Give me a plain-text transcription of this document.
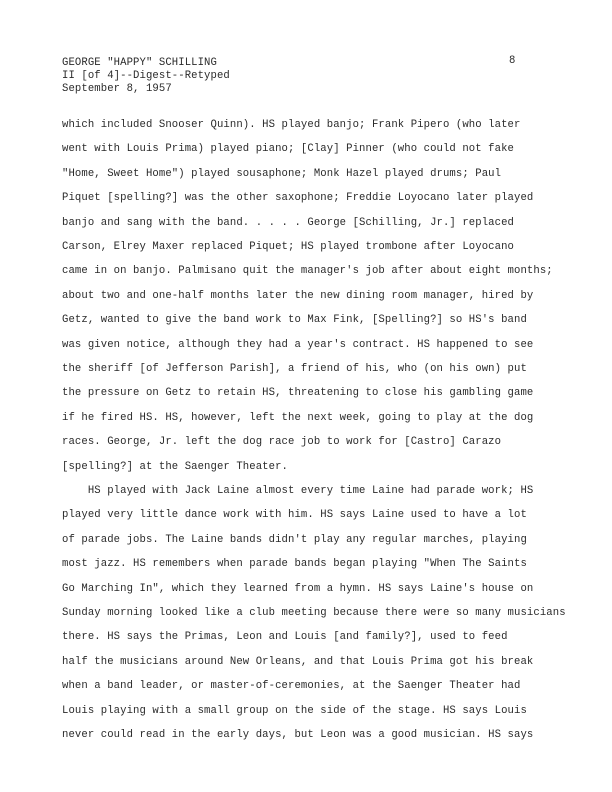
GEORGE "HAPPY" SCHILLING
II [of 4]--Digest--Retyped
September 8, 1957
8
which included Snooser Quinn). HS played banjo; Frank Pipero (who later
went with Louis Prima) played piano; [Clay] Pinner (who could not fake
"Home, Sweet Home") played sousaphone; Monk Hazel played drums; Paul
Piquet [spelling?] was the other saxophone; Freddie Loyocano later played
banjo and sang with the band. . . . . George [Schilling, Jr.] replaced
Carson, Elrey Maxer replaced Piquet; HS played trombone after Loyocano
came in on banjo. Palmisano quit the manager's job after about eight months;
about two and one-half months later the new dining room manager, hired by
Getz, wanted to give the band work to Max Fink, [Spelling?] so HS's band
was given notice, although they had a year's contract. HS happened to see
the sheriff [of Jefferson Parish], a friend of his, who (on his own) put
the pressure on Getz to retain HS, threatening to close his gambling game
if he fired HS. HS, however, left the next week, going to play at the dog
races. George, Jr. left the dog race job to work for [Castro] Carazo
[spelling?] at the Saenger Theater.
HS played with Jack Laine almost every time Laine had parade work; HS
played very little dance work with him. HS says Laine used to have a lot
of parade jobs. The Laine bands didn't play any regular marches, playing
most jazz. HS remembers when parade bands began playing "When The Saints
Go Marching In", which they learned from a hymn. HS says Laine's house on
Sunday morning looked like a club meeting because there were so many musicians
there. HS says the Primas, Leon and Louis [and family?], used to feed
half the musicians around New Orleans, and that Louis Prima got his break
when a band leader, or master-of-ceremonies, at the Saenger Theater had
Louis playing with a small group on the side of the stage. HS says Louis
never could read in the early days, but Leon was a good musician. HS says
